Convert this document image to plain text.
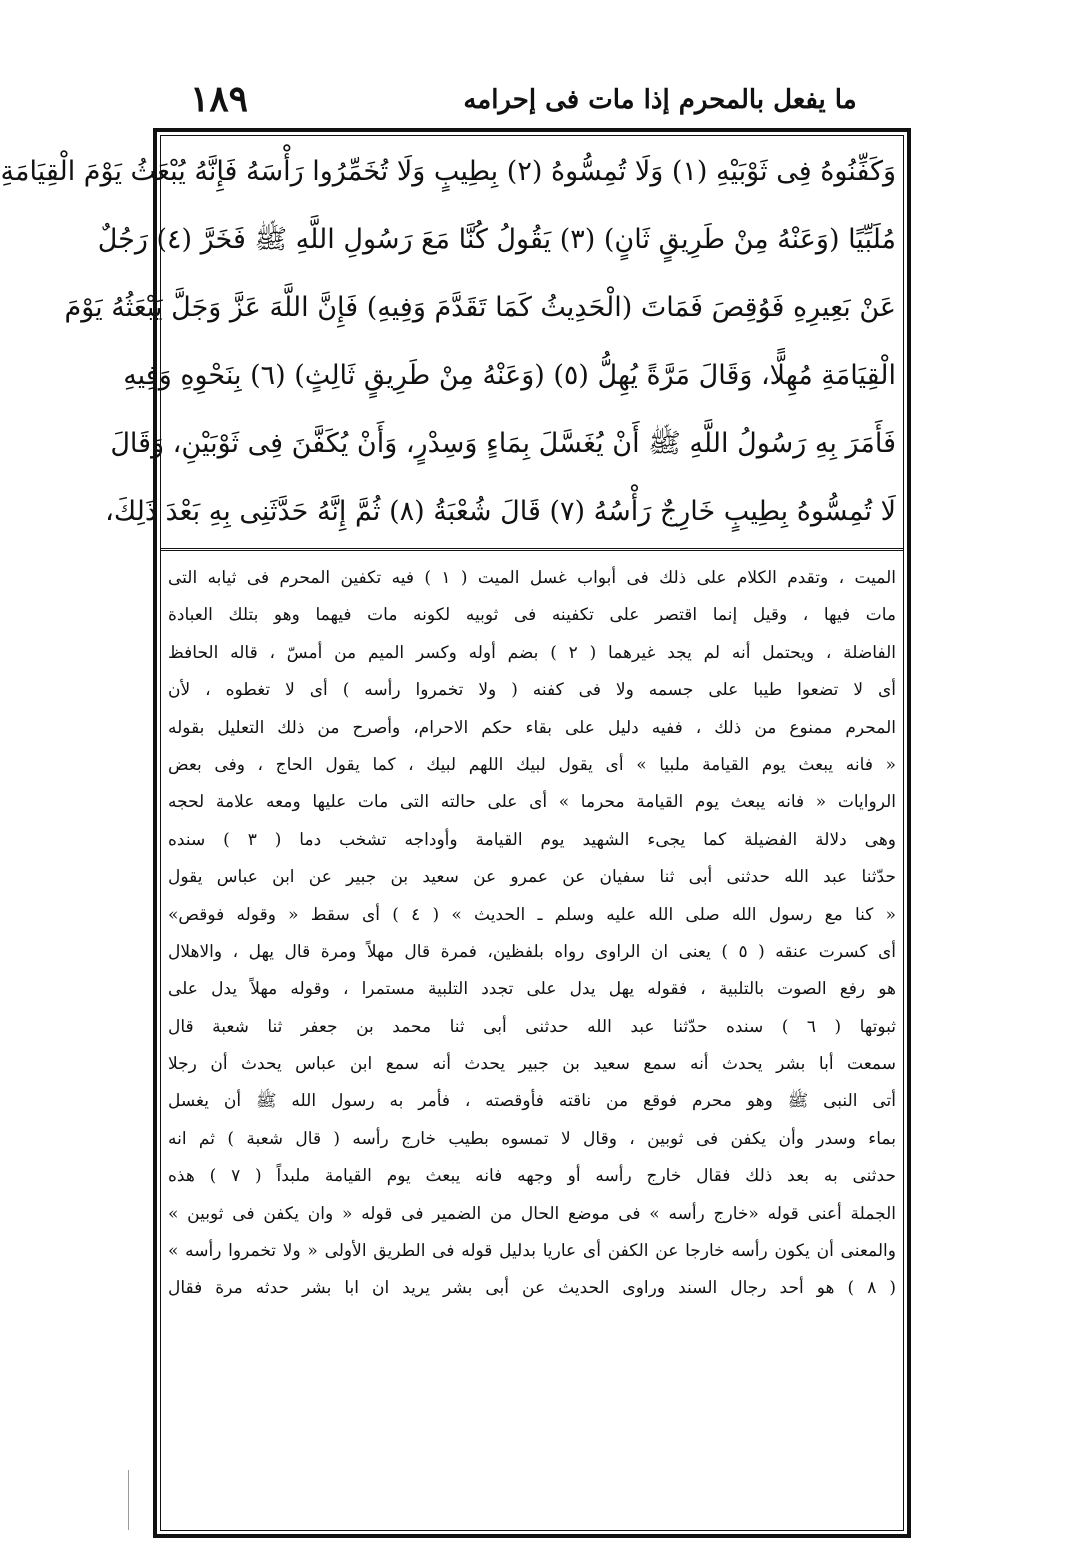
١٨٩	ما يفعل بالمحرم إذا مات فى إحرامه
وَكَفِّنُوهُ فِى ثَوْبَيْهِ (١) وَلَا تُمِسُّوهُ (٢) بِطِيبٍ وَلَا تُخَمِّرُوا رَأْسَهُ فَإِنَّهُ يُبْعَثُ يَوْمَ الْقِيَامَةِ
مُلَبِّيًا (وَعَنْهُ مِنْ طَرِيقٍ ثَانٍ) (٣) يَقُولُ كُنَّا مَعَ رَسُولِ اللَّهِ ﷺ فَخَرَّ (٤) رَجُلٌ
عَنْ بَعِيرِهِ فَوُقِصَ فَمَاتَ (الْحَدِيثُ كَمَا تَقَدَّمَ وَفِيهِ) فَإِنَّ اللَّهَ عَزَّ وَجَلَّ يَبْعَثُهُ يَوْمَ
الْقِيَامَةِ مُهِلًّا، وَقَالَ مَرَّةً يُهِلُّ (٥) (وَعَنْهُ مِنْ طَرِيقٍ ثَالِثٍ) (٦) بِنَحْوِهِ وَفِيهِ
فَأَمَرَ بِهِ رَسُولُ اللَّهِ ﷺ أَنْ يُغَسَّلَ بِمَاءٍ وَسِدْرٍ، وَأَنْ يُكَفَّنَ فِى ثَوْبَيْنِ، وَقَالَ
لَا تُمِسُّوهُ بِطِيبٍ خَارِجٌ رَأْسُهُ (٧) قَالَ شُعْبَةُ (٨) ثُمَّ إِنَّهُ حَدَّثَنِى بِهِ بَعْدَ ذَلِكَ،
الميت ، وتقدم الكلام على ذلك فى أبواب غسل الميت ( ١ ) فيه تكفين المحرم فى ثيابه التى
مات فيها ، وقيل إنما اقتصر على تكفينه فى ثوبيه لكونه مات فيهما وهو بتلك العبادة
الفاضلة ، ويحتمل أنه لم يجد غيرهما ( ٢ ) بضم أوله وكسر الميم من أمسّ ، قاله الحافظ
أى لا تضعوا طيبا على جسمه ولا فى كفنه ( ولا تخمروا رأسه ) أى لا تغطوه ، لأن
المحرم ممنوع من ذلك ، ففيه دليل على بقاء حكم الاحرام، وأصرح من ذلك التعليل بقوله
« فانه يبعث يوم القيامة ملبيا » أى يقول لبيك اللهم لبيك ، كما يقول الحاج ، وفى بعض
الروايات « فانه يبعث يوم القيامة محرما » أى على حالته التى مات عليها ومعه علامة لحجه
وهى دلالة الفضيلة كما يجىء الشهيد يوم القيامة وأوداجه تشخب دما ( ٣ ) سنده
حدّثنا عبد الله حدثنى أبى ثنا سفيان عن عمرو عن سعيد بن جبير عن ابن عباس يقول
« كنا مع رسول الله صلى الله عليه وسلم ـ الحديث » ( ٤ ) أى سقط « وقوله فوقص»
أى كسرت عنقه ( ٥ ) يعنى ان الراوى رواه بلفظين، فمرة قال مهلاً ومرة قال يهل ، والاهلال
هو رفع الصوت بالتلبية ، فقوله يهل يدل على تجدد التلبية مستمرا ، وقوله مهلاً يدل على
ثبوتها ( ٦ ) سنده حدّثنا عبد الله حدثنى أبى ثنا محمد بن جعفر ثنا شعبة قال
سمعت أبا بشر يحدث أنه سمع سعيد بن جبير يحدث أنه سمع ابن عباس يحدث أن رجلا
أتى النبى ﷺ وهو محرم فوقع من ناقته فأوقصته ، فأمر به رسول الله ﷺ أن يغسل
بماء وسدر وأن يكفن فى ثوبين ، وقال لا تمسوه بطيب خارج رأسه ( قال شعبة ) ثم انه
حدثنى به بعد ذلك فقال خارج رأسه أو وجهه فانه يبعث يوم القيامة ملبداً ( ٧ ) هذه
الجملة أعنى قوله «خارج رأسه » فى موضع الحال من الضمير فى قوله « وان يكفن فى ثوبين »
والمعنى أن يكون رأسه خارجا عن الكفن أى عاريا بدليل قوله فى الطريق الأولى « ولا تخمروا رأسه »
( ٨ ) هو أحد رجال السند وراوى الحديث عن أبى بشر يريد ان ابا بشر حدثه مرة فقال
